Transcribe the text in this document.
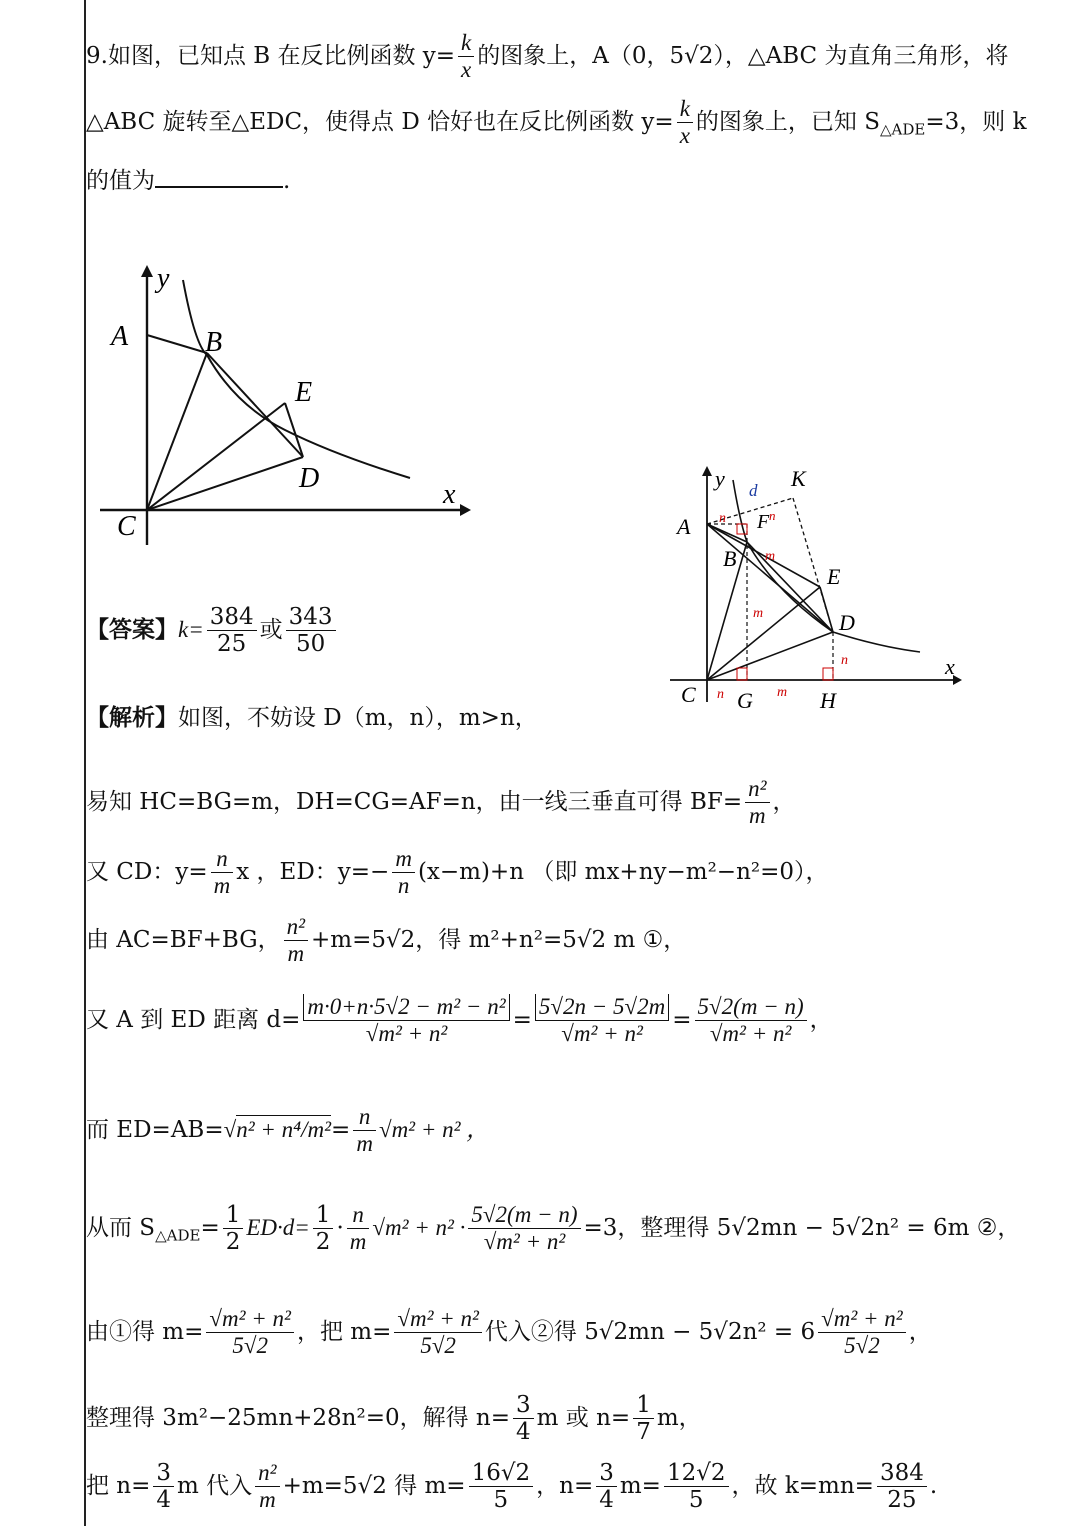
9.如图，已知点 B 在反比例函数 $y= \frac{k}{x}$ 的图象上，A（0，5√2），△ABC 为直角三角形，将
△ABC 旋转至△EDC，使得点 D 恰好也在反比例函数 $y= \frac{k}{x}$ 的图象上，已知 $S_{\triangle ADE}=3$，则 k
的值为	.
A	B
C
D
E
x
y
A
B
C
D
E
F
G	H
K
x
y d
n	n
m
m
n
n	m
【答案】$k= \frac{384}{25}$ 或 $\frac{343}{50}$
【解析】如图，不妨设 D（m，n），m>n，
易知 HC=BG=m，DH=CG=AF=n，由一线三垂直可得 $BF= \frac{\text{n²}}{m}$ ，
又 CD：$y= \frac{n}{m}$ x ，ED：$y=- \frac{m}{n} (x-m)+n$ （即 mx+ny−m²−n²=0），
由 AC=BF+BG， $\frac{\text{n²}}{m} +m=5√2$，得 m²+n²=5√2 m ①，
又 A 到 ED 距离 $d= \frac{\text{m·0+n·5√2 − m² − n²}}{\text{√m² + n²}} = \frac{5√2n - 5√2m}{\text{√m² + n²}} = \frac{5√2(m - n)}{\text{√m² + n²}}$ ，
而 $ED=AB=√n^2 + n^4/m^2= \frac{n}{m} √m^2 + n^2$ ，
从而 $S_{\triangle ADE}= \frac{1}{2} ED\cdot d= \frac{1}{2} \cdot \frac{n}{m} √m^2 + n^2 \cdot \frac{5√2(m - n)}{\text{√m² + n²}} =3$，整理得 5√2mn − 5√2n² = 6m ②，
由①得 $m= \frac{\text{√m² + n²}}{5√2}$ ，把 $m= \frac{\text{√m² + n²}}{5√2}$ 代入②得 $5√2mn - 5√2n^2 = 6 \frac{\text{√m² + n²}}{5√2}$ ，
整理得 3m²−25mn+28n²=0，解得 $n= \frac{3}{4}$ m 或 $n= \frac{1}{7}$ m，
把 $n= \frac{3}{4}$ m 代入 $\frac{\text{n²}}{m} +m=5√2$ 得 $m= \frac{16√2}{5}$ ，$n= \frac{3}{4} m= \frac{12√2}{5}$ ，故 $k=mn= \frac{384}{25}$ .
